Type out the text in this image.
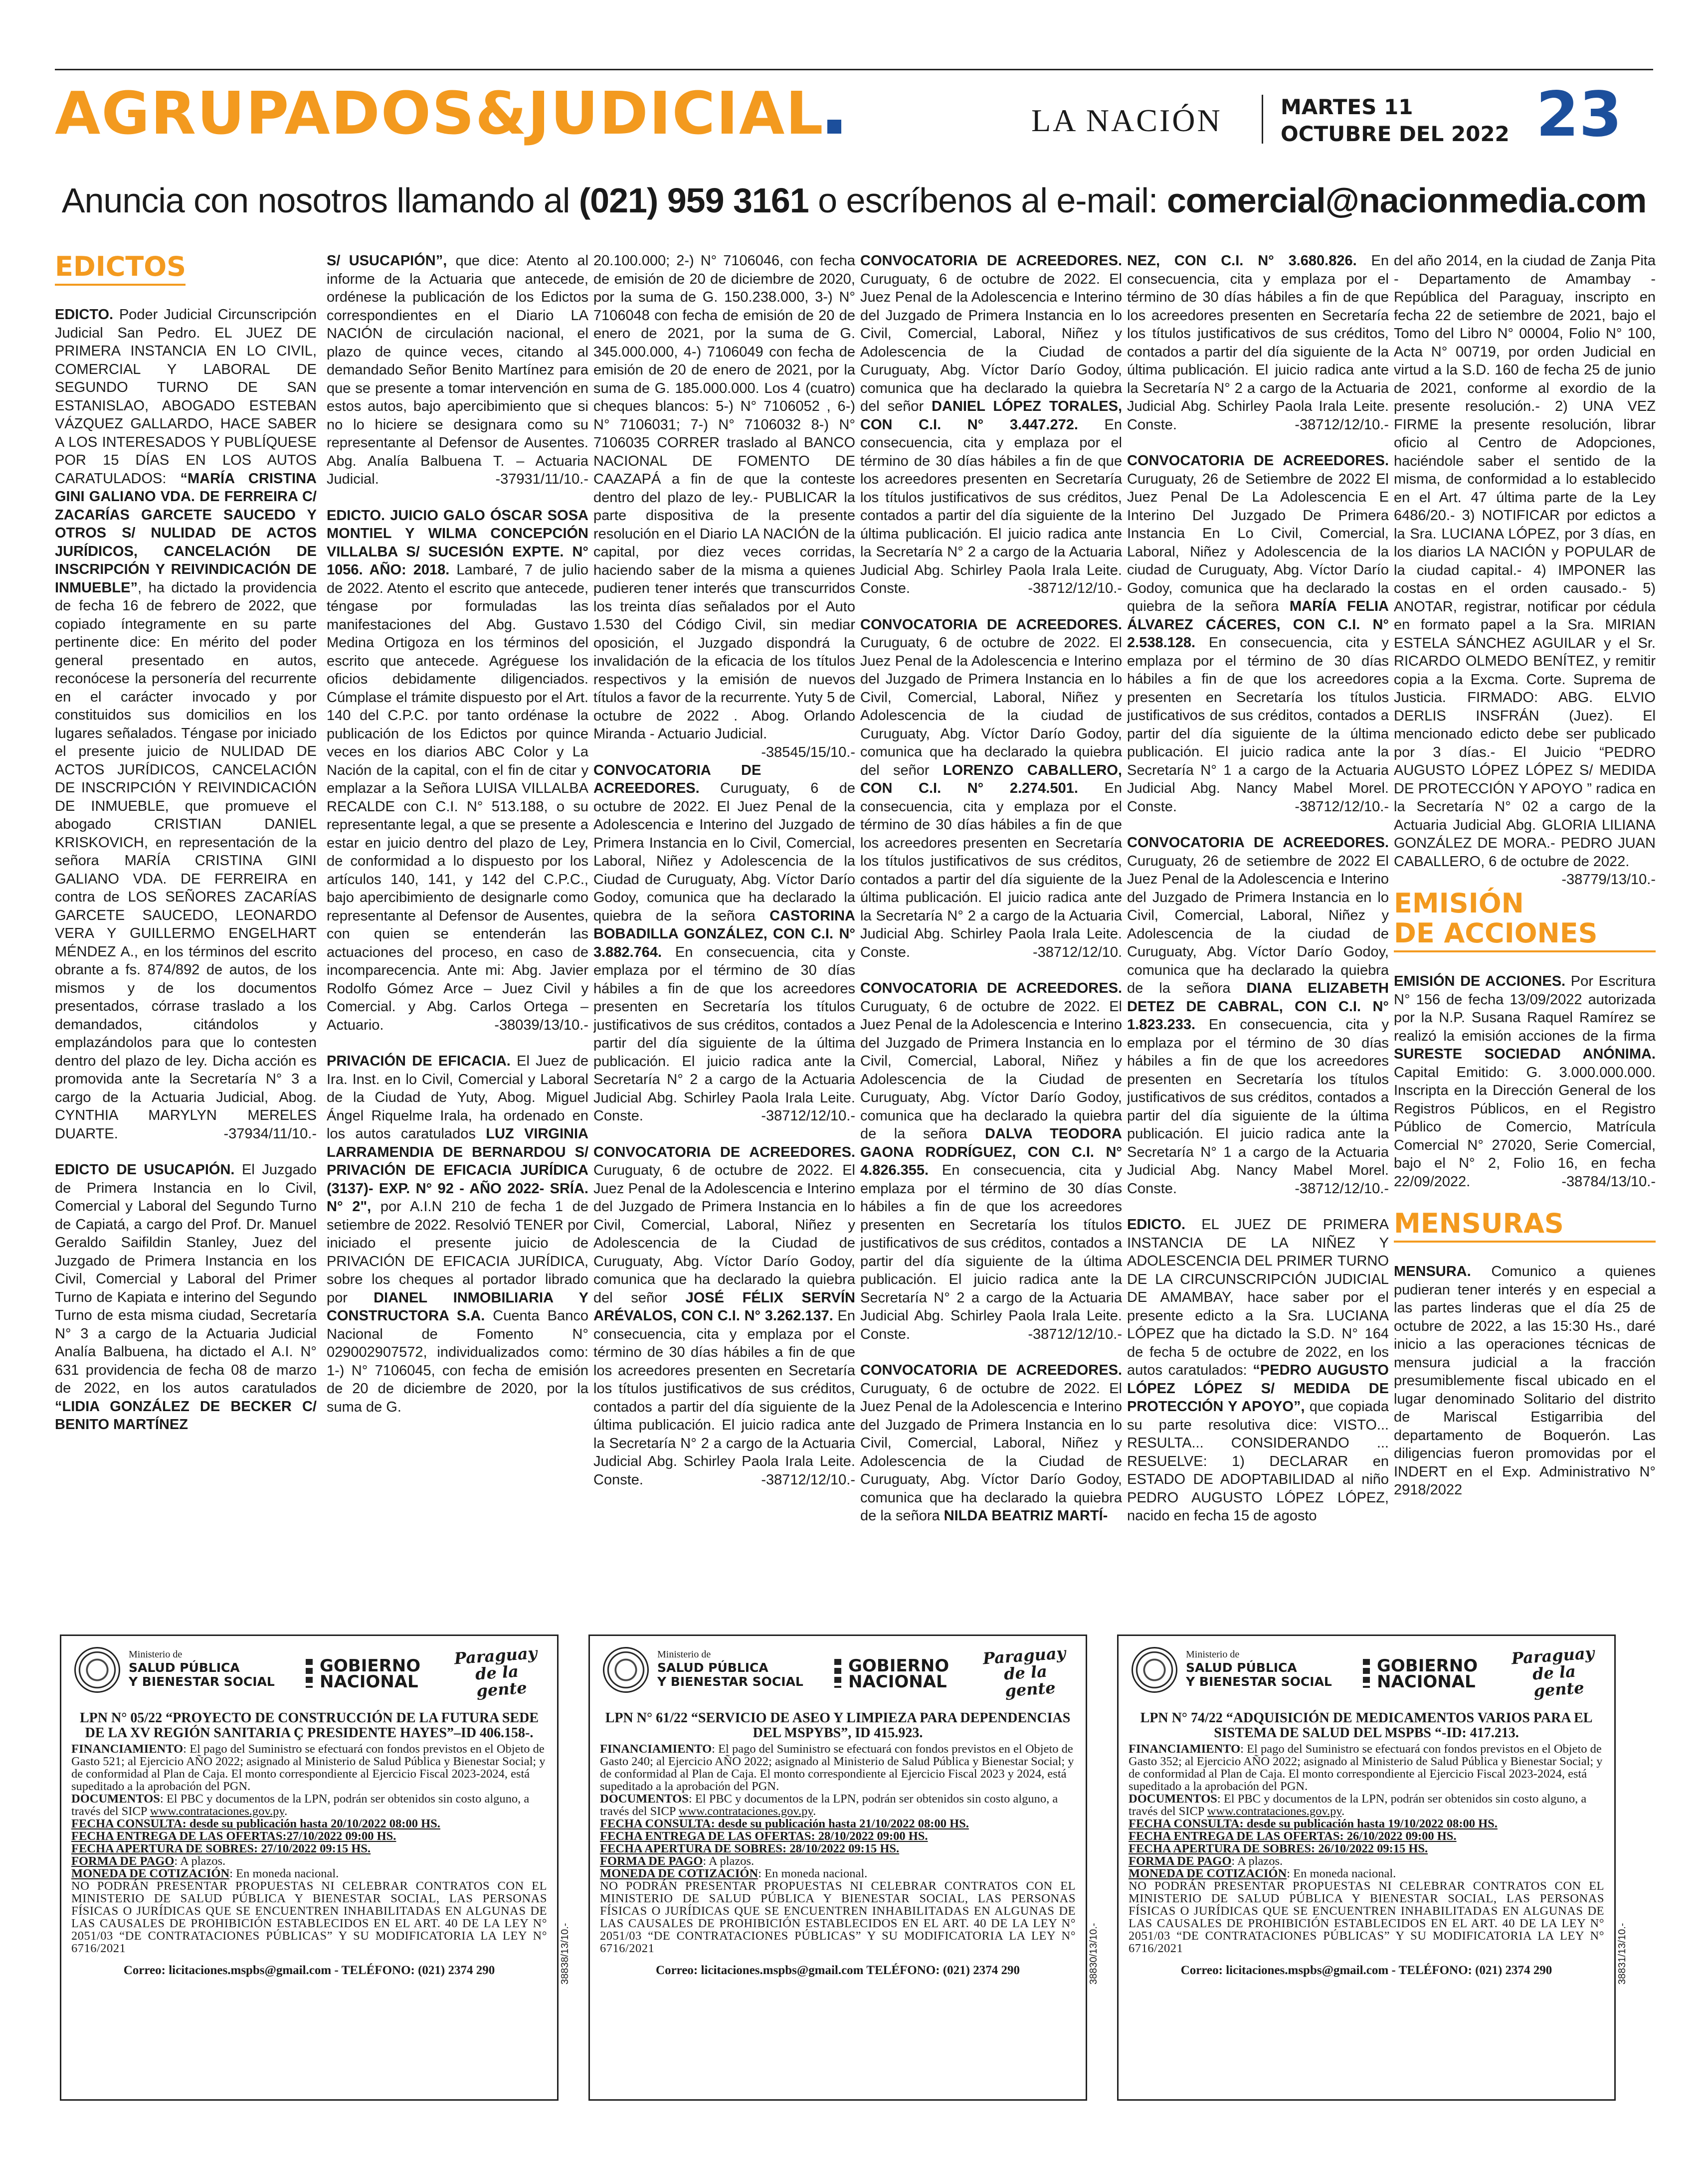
AGRUPADOS&JUDICIAL	LA NACIÓN	MARTES 11
OCTUBRE DEL 2022 23
Anuncia con nosotros llamando al (021) 959 3161 o escríbenos al e-mail: comercial@nacionmedia.com
EDICTOS

EDICTO. Poder Judicial Circunscripción Judicial San Pedro. EL JUEZ DE PRIMERA INSTANCIA EN LO CIVIL, COMERCIAL Y LABORAL DE SEGUNDO TURNO DE SAN ESTANISLAO, ABOGADO ESTEBAN VÁZQUEZ GALLARDO, HACE SABER A LOS INTERESADOS Y PUBLÍQUESE POR 15 DÍAS EN LOS AUTOS CARATULADOS: “MARÍA CRISTINA GINI GALIANO VDA. DE FERREIRA C/ ZACARÍAS GARCETE SAUCEDO Y OTROS S/ NULIDAD DE ACTOS JURÍDICOS, CANCELACIÓN DE INSCRIPCIÓN Y REIVINDICACIÓN DE INMUEBLE”, ha dictado la providencia de fecha 16 de febrero de 2022, que copiado íntegramente en su parte pertinente dice: En mérito del poder general presentado en autos, reconócese la personería del recurrente en el carácter invocado y por constituidos sus domicilios en los lugares señalados. Téngase por iniciado el presente juicio de NULIDAD DE ACTOS JURÍDICOS, CANCELACIÓN DE INSCRIPCIÓN Y REIVINDICACIÓN DE INMUEBLE, que promueve el abogado CRISTIAN DANIEL KRISKOVICH, en representación de la señora MARÍA CRISTINA GINI GALIANO VDA. DE FERREIRA en contra de LOS SEÑORES ZACARÍAS GARCETE SAUCEDO, LEONARDO VERA Y GUILLERMO ENGELHART MÉNDEZ A., en los términos del escrito obrante a fs. 874/892 de autos, de los mismos y de los documentos presentados, córrase traslado a los demandados, citándolos y emplazándolos para que lo contesten dentro del plazo de ley. Dicha acción es promovida ante la Secretaría N° 3 a cargo de la Actuaria Judicial, Abog. CYNTHIA MARYLYN MERELES DUARTE.	-37934/11/10.-

EDICTO DE USUCAPIÓN. El Juzgado de Primera Instancia en lo Civil, Comercial y Laboral del Segundo Turno de Capiatá, a cargo del Prof. Dr. Manuel Geraldo Saifildin Stanley, Juez del Juzgado de Primera Instancia en los Civil, Comercial y Laboral del Primer Turno de Kapiata e interino del Segundo Turno de esta misma ciudad, Secretaría N° 3 a cargo de la Actuaria Judicial Analía Balbuena, ha dictado el A.I. N° 631 providencia de fecha 08 de marzo de 2022, en los autos caratulados “LIDIA GONZÁLEZ DE BECKER C/ BENITO MARTÍNEZ

S/ USUCAPIÓN”, que dice: Atento al informe de la Actuaria que antecede, ordénese la publicación de los Edictos correspondientes en el Diario LA NACIÓN de circulación nacional, el plazo de quince veces, citando al demandado Señor Benito Martínez para que se presente a tomar intervención en estos autos, bajo apercibimiento que si no lo hiciere se designara como su representante al Defensor de Ausentes. Abg. Analía Balbuena T. – Actuaria Judicial.	-37931/11/10.-

EDICTO. JUICIO GALO ÓSCAR SOSA MONTIEL Y WILMA CONCEPCIÓN VILLALBA S/ SUCESIÓN EXPTE. N° 1056. AÑO: 2018. Lambaré, 7 de julio de 2022. Atento el escrito que antecede, téngase por formuladas las manifestaciones del Abg. Gustavo Medina Ortigoza en los términos del escrito que antecede. Agréguese los oficios debidamente diligenciados. Cúmplase el trámite dispuesto por el Art. 140 del C.P.C. por tanto ordénase la publicación de los Edictos por quince veces en los diarios ABC Color y La Nación de la capital, con el fin de citar y emplazar a la Señora LUISA VILLALBA RECALDE con C.I. N° 513.188, o su representante legal, a que se presente a estar en juicio dentro del plazo de Ley, de conformidad a lo dispuesto por los artículos 140, 141, y 142 del C.P.C., bajo apercibimiento de designarle como representante al Defensor de Ausentes, con quien se entenderán las actuaciones del proceso, en caso de incomparecencia. Ante mi: Abg. Javier Rodolfo Gómez Arce – Juez Civil y Comercial. y Abg. Carlos Ortega – Actuario.	-38039/13/10.-

PRIVACIÓN DE EFICACIA. El Juez de Ira. Inst. en lo Civil, Comercial y Laboral de la Ciudad de Yuty, Abog. Miguel Ángel Riquelme Irala, ha ordenado en los autos caratulados LUZ VIRGINIA LARRAMENDIA DE BERNARDOU S/ PRIVACIÓN DE EFICACIA JURÍDICA (3137)- EXP. N° 92 - AÑO 2022- SRÍA. N° 2", por A.I.N 210 de fecha 1 de setiembre de 2022. Resolvió TENER por iniciado el presente juicio de PRIVACIÓN DE EFICACIA JURÍDICA, sobre los cheques al portador librado por DIANEL INMOBILIARIA Y CONSTRUCTORA S.A. Cuenta Banco Nacional de Fomento N° 029002907572, individualizados como: 1-) N° 7106045, con fecha de emisión de 20 de diciembre de 2020, por la suma de G.

20.100.000; 2-) N° 7106046, con fecha de emisión de 20 de diciembre de 2020, por la suma de G. 150.238.000, 3-) N° 7106048 con fecha de emisión de 20 de enero de 2021, por la suma de G. 345.000.000, 4-) 7106049 con fecha de emisión de 20 de enero de 2021, por la suma de G. 185.000.000. Los 4 (cuatro) cheques blancos: 5-) N° 7106052 , 6-) N° 7106031; 7-) N° 7106032 8-) N° 7106035 CORRER traslado al BANCO NACIONAL DE FOMENTO DE CAAZAPÁ a fin de que la conteste dentro del plazo de ley.- PUBLICAR la parte dispositiva de la presente resolución en el Diario LA NACIÓN de la capital, por diez veces corridas, haciendo saber de la misma a quienes pudieren tener interés que transcurridos los treinta días señalados por el Auto 1.530 del Código Civil, sin mediar oposición, el Juzgado dispondrá la invalidación de la eficacia de los títulos respectivos y la emisión de nuevos títulos a favor de la recurrente. Yuty 5 de octubre de 2022 . Abog. Orlando Miranda - Actuario Judicial.
-38545/15/10.-

CONVOCATORIA DE ACREEDORES. Curuguaty, 6 de octubre de 2022. El Juez Penal de la Adolescencia e Interino del Juzgado de Primera Instancia en lo Civil, Comercial, Laboral, Niñez y Adolescencia de la Ciudad de Curuguaty, Abg. Víctor Darío Godoy, comunica que ha declarado la quiebra de la señora CASTORINA BOBADILLA GONZÁLEZ, CON C.I. N° 3.882.764. En consecuencia, cita y emplaza por el término de 30 días hábiles a fin de que los acreedores presenten en Secretaría los títulos justificativos de sus créditos, contados a partir del día siguiente de la última publicación. El juicio radica ante la Secretaría N° 2 a cargo de la Actuaria Judicial Abg. Schirley Paola Irala Leite. Conste.	-38712/12/10.-

CONVOCATORIA DE ACREEDORES. Curuguaty, 6 de octubre de 2022. El Juez Penal de la Adolescencia e Interino del Juzgado de Primera Instancia en lo Civil, Comercial, Laboral, Niñez y Adolescencia de la Ciudad de Curuguaty, Abg. Víctor Darío Godoy, comunica que ha declarado la quiebra del señor JOSÉ FÉLIX SERVÍN ARÉVALOS, CON C.I. N° 3.262.137. En consecuencia, cita y emplaza por el término de 30 días hábiles a fin de que los acreedores presenten en Secretaría los títulos justificativos de sus créditos, contados a partir del día siguiente de la última publicación. El juicio radica ante la Secretaría N° 2 a cargo de la Actuaria Judicial Abg. Schirley Paola Irala Leite. Conste.	-38712/12/10.-

CONVOCATORIA DE ACREEDORES. Curuguaty, 6 de octubre de 2022. El Juez Penal de la Adolescencia e Interino del Juzgado de Primera Instancia en lo Civil, Comercial, Laboral, Niñez y Adolescencia de la Ciudad de Curuguaty, Abg. Víctor Darío Godoy, comunica que ha declarado la quiebra del señor DANIEL LÓPEZ TORALES, CON C.I. N° 3.447.272. En consecuencia, cita y emplaza por el término de 30 días hábiles a fin de que los acreedores presenten en Secretaría los títulos justificativos de sus créditos, contados a partir del día siguiente de la última publicación. El juicio radica ante la Secretaría N° 2 a cargo de la Actuaria Judicial Abg. Schirley Paola Irala Leite. Conste.	-38712/12/10.-

CONVOCATORIA DE ACREEDORES. Curuguaty, 6 de octubre de 2022. El Juez Penal de la Adolescencia e Interino del Juzgado de Primera Instancia en lo Civil, Comercial, Laboral, Niñez y Adolescencia de la ciudad de Curuguaty, Abg. Víctor Darío Godoy, comunica que ha declarado la quiebra del señor LORENZO CABALLERO, CON C.I. N° 2.274.501. En consecuencia, cita y emplaza por el término de 30 días hábiles a fin de que los acreedores presenten en Secretaría los títulos justificativos de sus créditos, contados a partir del día siguiente de la última publicación. El juicio radica ante la Secretaría N° 2 a cargo de la Actuaria Judicial Abg. Schirley Paola Irala Leite. Conste.	-38712/12/10.

CONVOCATORIA DE ACREEDORES. Curuguaty, 6 de octubre de 2022. El Juez Penal de la Adolescencia e Interino del Juzgado de Primera Instancia en lo Civil, Comercial, Laboral, Niñez y Adolescencia de la Ciudad de Curuguaty, Abg. Víctor Darío Godoy, comunica que ha declarado la quiebra de la señora DALVA TEODORA GAONA RODRÍGUEZ, CON C.I. N° 4.826.355. En consecuencia, cita y emplaza por el término de 30 días hábiles a fin de que los acreedores presenten en Secretaría los títulos justificativos de sus créditos, contados a partir del día siguiente de la última publicación. El juicio radica ante la Secretaría N° 2 a cargo de la Actuaria Judicial Abg. Schirley Paola Irala Leite. Conste.	-38712/12/10.-

CONVOCATORIA DE ACREEDORES. Curuguaty, 6 de octubre de 2022. El Juez Penal de la Adolescencia e Interino del Juzgado de Primera Instancia en lo Civil, Comercial, Laboral, Niñez y Adolescencia de la Ciudad de Curuguaty, Abg. Víctor Darío Godoy, comunica que ha declarado la quiebra de la señora NILDA BEATRIZ MARTÍ-

NEZ, CON C.I. N° 3.680.826. En consecuencia, cita y emplaza por el término de 30 días hábiles a fin de que los acreedores presenten en Secretaría los títulos justificativos de sus créditos, contados a partir del día siguiente de la última publicación. El juicio radica ante la Secretaría N° 2 a cargo de la Actuaria Judicial Abg. Schirley Paola Irala Leite. Conste.	-38712/12/10.-

CONVOCATORIA DE ACREEDORES. Curuguaty, 26 de Setiembre de 2022 El Juez Penal De La Adolescencia E Interino Del Juzgado De Primera Instancia En Lo Civil, Comercial, Laboral, Niñez y Adolescencia de la ciudad de Curuguaty, Abg. Víctor Darío Godoy, comunica que ha declarado la quiebra de la señora MARÍA FELIA ÁLVAREZ CÁCERES, CON C.I. N° 2.538.128. En consecuencia, cita y emplaza por el término de 30 días hábiles a fin de que los acreedores presenten en Secretaría los títulos justificativos de sus créditos, contados a partir del día siguiente de la última publicación. El juicio radica ante la Secretaría N° 1 a cargo de la Actuaria Judicial Abg. Nancy Mabel Morel. Conste.	-38712/12/10.-

CONVOCATORIA DE ACREEDORES. Curuguaty, 26 de setiembre de 2022 El Juez Penal de la Adolescencia e Interino del Juzgado de Primera Instancia en lo Civil, Comercial, Laboral, Niñez y Adolescencia de la ciudad de Curuguaty, Abg. Víctor Darío Godoy, comunica que ha declarado la quiebra de la señora DIANA ELIZABETH DETEZ DE CABRAL, CON C.I. N° 1.823.233. En consecuencia, cita y emplaza por el término de 30 días hábiles a fin de que los acreedores presenten en Secretaría los títulos justificativos de sus créditos, contados a partir del día siguiente de la última publicación. El juicio radica ante la Secretaría N° 1 a cargo de la Actuaria Judicial Abg. Nancy Mabel Morel. Conste.	-38712/12/10.-

EDICTO. EL JUEZ DE PRIMERA INSTANCIA DE LA NIÑEZ Y ADOLESCENCIA DEL PRIMER TURNO DE LA CIRCUNSCRIPCIÓN JUDICIAL DE AMAMBAY, hace saber por el presente edicto a la Sra. LUCIANA LÓPEZ que ha dictado la S.D. N° 164 de fecha 5 de octubre de 2022, en los autos caratulados: “PEDRO AUGUSTO LÓPEZ LÓPEZ S/ MEDIDA DE PROTECCIÓN Y APOYO”, que copiada su parte resolutiva dice: VISTO... RESULTA... CONSIDERANDO ... RESUELVE: 1) DECLARAR en ESTADO DE ADOPTABILIDAD al niño PEDRO AUGUSTO LÓPEZ LÓPEZ, nacido en fecha 15 de agosto

del año 2014, en la ciudad de Zanja Pita - Departamento de Amambay - República del Paraguay, inscripto en fecha 22 de setiembre de 2021, bajo el Tomo del Libro N° 00004, Folio N° 100, Acta N° 00719, por orden Judicial en virtud a la S.D. 160 de fecha 25 de junio de 2021, conforme al exordio de la presente resolución.- 2) UNA VEZ FIRME la presente resolución, librar oficio al Centro de Adopciones, haciéndole saber el sentido de la misma, de conformidad a lo establecido en el Art. 47 última parte de la Ley 6486/20.- 3) NOTIFICAR por edictos a la Sra. LUCIANA LÓPEZ, por 3 días, en los diarios LA NACIÓN y POPULAR de la ciudad capital.- 4) IMPONER las costas en el orden causado.- 5) ANOTAR, registrar, notificar por cédula en formato papel a la Sra. MIRIAN ESTELA SÁNCHEZ AGUILAR y el Sr. RICARDO OLMEDO BENÍTEZ, y remitir copia a la Excma. Corte. Suprema de Justicia. FIRMADO: ABG. ELVIO DERLIS INSFRÁN (Juez). El mencionado edicto debe ser publicado por 3 días.- El Juicio “PEDRO AUGUSTO LÓPEZ LÓPEZ S/ MEDIDA DE PROTECCIÓN Y APOYO ” radica en la Secretaría N° 02 a cargo de la Actuaria Judicial Abg. GLORIA LILIANA GONZÁLEZ DE MORA.- PEDRO JUAN CABALLERO, 6 de octubre de 2022.
-38779/13/10.-

EMISIÓN DE ACCIONES

EMISIÓN DE ACCIONES. Por Escritura N° 156 de fecha 13/09/2022 autorizada por la N.P. Susana Raquel Ramírez se realizó la emisión acciones de la firma SURESTE SOCIEDAD ANÓNIMA. Capital Emitido: G. 3.000.000.000. Inscripta en la Dirección General de los Registros Públicos, en el Registro Público de Comercio, Matrícula Comercial N° 27020, Serie Comercial, bajo el N° 2, Folio 16, en fecha 22/09/2022.	-38784/13/10.-

MENSURAS

MENSURA. Comunico a quienes pudieran tener interés y en especial a las partes linderas que el día 25 de octubre de 2022, a las 15:30 Hs., daré inicio a las operaciones técnicas de mensura judicial a la fracción presumiblemente fiscal ubicado en el lugar denominado Solitario del distrito de Mariscal Estigarribia del departamento de Boquerón. Las diligencias fueron promovidas por el INDERT en el Exp. Administrativo N° 2918/2022

Ministerio de
SALUD PÚBLICA
Y BIENESTAR SOCIAL
GOBIERNO
NACIONAL
Paraguay
de la gente
LPN N° 05/22 “PROYECTO DE CONSTRUCCIÓN DE LA FUTURA SEDE DE LA XV REGIÓN SANITARIA Ç PRESIDENTE HAYES”–ID 406.158-.
FINANCIAMIENTO: El pago del Suministro se efectuará con fondos previstos en el Objeto de Gasto 521; al Ejercicio AÑO 2022; asignado al Ministerio de Salud Pública y Bienestar Social; y de conformidad al Plan de Caja. El monto correspondiente al Ejercicio Fiscal 2023-2024, está supeditado a la aprobación del PGN.
DOCUMENTOS: El PBC y documentos de la LPN, podrán ser obtenidos sin costo alguno, a través del SICP www.contrataciones.gov.py.
FECHA CONSULTA: desde su publicación hasta 20/10/2022 08:00 HS.
FECHA ENTREGA DE LAS OFERTAS:27/10/2022 09:00 HS.
FECHA APERTURA DE SOBRES: 27/10/2022 09:15 HS.
FORMA DE PAGO: A plazos.
MONEDA DE COTIZACIÓN: En moneda nacional.
NO PODRÁN PRESENTAR PROPUESTAS NI CELEBRAR CONTRATOS CON EL MINISTERIO DE SALUD PÚBLICA Y BIENESTAR SOCIAL, LAS PERSONAS FÍSICAS O JURÍDICAS QUE SE ENCUENTREN INHABILITADAS EN ALGUNAS DE LAS CAUSALES DE PROHIBICIÓN ESTABLECIDOS EN EL ART. 40 DE LA LEY N° 2051/03 “DE CONTRATACIONES PÚBLICAS” Y SU MODIFICATORIA LA LEY N° 6716/2021
Correo: licitaciones.mspbs@gmail.com - TELÉFONO: (021) 2374 290	38838/13/10.-
Ministerio de
SALUD PÚBLICA
Y BIENESTAR SOCIAL
GOBIERNO
NACIONAL
Paraguay
de la gente
LPN N° 61/22 “SERVICIO DE ASEO Y LIMPIEZA PARA DEPENDENCIAS DEL MSPYBS”, ID 415.923.
FINANCIAMIENTO: El pago del Suministro se efectuará con fondos previstos en el Objeto de Gasto 240; al Ejercicio AÑO 2022; asignado al Ministerio de Salud Pública y Bienestar Social; y de conformidad al Plan de Caja. El monto correspondiente al Ejercicio Fiscal 2023 y 2024, está supeditado a la aprobación del PGN.
DOCUMENTOS: El PBC y documentos de la LPN, podrán ser obtenidos sin costo alguno, a través del SICP www.contrataciones.gov.py.
FECHA CONSULTA: desde su publicación hasta 21/10/2022 08:00 HS.
FECHA ENTREGA DE LAS OFERTAS: 28/10/2022 09:00 HS.
FECHA APERTURA DE SOBRES: 28/10/2022 09:15 HS.
FORMA DE PAGO: A plazos.
MONEDA DE COTIZACIÓN: En moneda nacional.
NO PODRÁN PRESENTAR PROPUESTAS NI CELEBRAR CONTRATOS CON EL MINISTERIO DE SALUD PÚBLICA Y BIENESTAR SOCIAL, LAS PERSONAS FÍSICAS O JURÍDICAS QUE SE ENCUENTREN INHABILITADAS EN ALGUNAS DE LAS CAUSALES DE PROHIBICIÓN ESTABLECIDOS EN EL ART. 40 DE LA LEY N° 2051/03 “DE CONTRATACIONES PÚBLICAS” Y SU MODIFICATORIA LA LEY N° 6716/2021
Correo: licitaciones.mspbs@gmail.com TELÉFONO: (021) 2374 290	38830/13/10.-
Ministerio de
SALUD PÚBLICA
Y BIENESTAR SOCIAL
GOBIERNO
NACIONAL
Paraguay
de la gente
LPN N° 74/22 “ADQUISICIÓN DE MEDICAMENTOS VARIOS PARA EL SISTEMA DE SALUD DEL MSPBS “-ID: 417.213.
FINANCIAMIENTO: El pago del Suministro se efectuará con fondos previstos en el Objeto de Gasto 352; al Ejercicio AÑO 2022; asignado al Ministerio de Salud Pública y Bienestar Social; y de conformidad al Plan de Caja. El monto correspondiente al Ejercicio Fiscal 2023-2024, está supeditado a la aprobación del PGN.
DOCUMENTOS: El PBC y documentos de la LPN, podrán ser obtenidos sin costo alguno, a través del SICP www.contrataciones.gov.py.
FECHA CONSULTA: desde su publicación hasta 19/10/2022 08:00 HS.
FECHA ENTREGA DE LAS OFERTAS: 26/10/2022 09:00 HS.
FECHA APERTURA DE SOBRES: 26/10/2022 09:15 HS.
FORMA DE PAGO: A plazos.
MONEDA DE COTIZACIÓN: En moneda nacional.
NO PODRÁN PRESENTAR PROPUESTAS NI CELEBRAR CONTRATOS CON EL MINISTERIO DE SALUD PÚBLICA Y BIENESTAR SOCIAL, LAS PERSONAS FÍSICAS O JURÍDICAS QUE SE ENCUENTREN INHABILITADAS EN ALGUNAS DE LAS CAUSALES DE PROHIBICIÓN ESTABLECIDOS EN EL ART. 40 DE LA LEY N° 2051/03 “DE CONTRATACIONES PÚBLICAS” Y SU MODIFICATORIA LA LEY N° 6716/2021
Correo: licitaciones.mspbs@gmail.com - TELÉFONO: (021) 2374 290	38831/13/10.-
